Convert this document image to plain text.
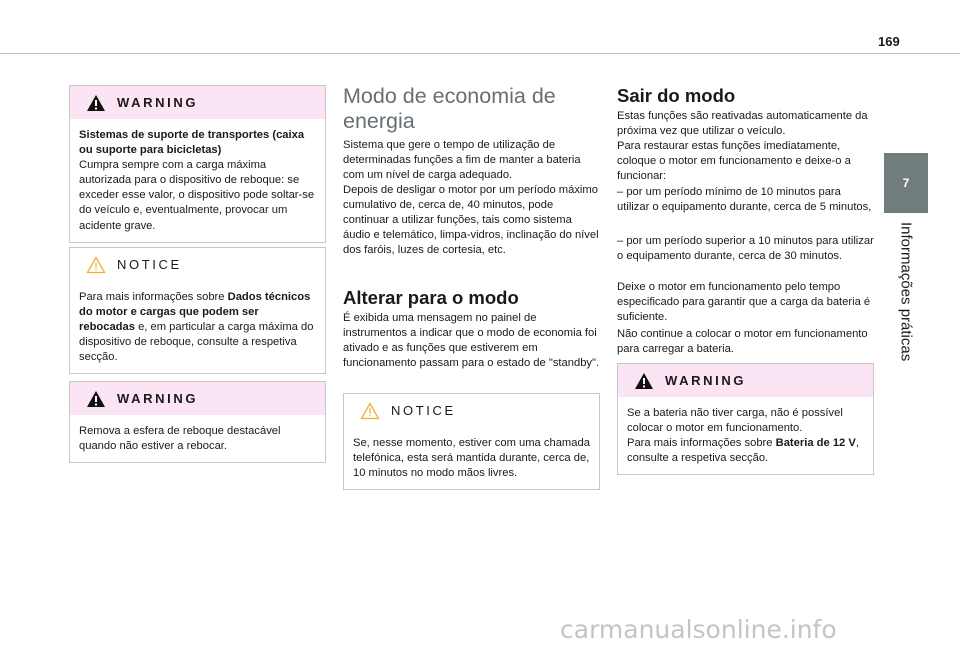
169
7
Informações práticas
WARNING

Sistemas de suporte de transportes (caixa ou suporte para bicicletas)

Cumpra sempre com a carga máxima autorizada para o dispositivo de reboque: se exceder esse valor, o dispositivo pode soltar-se do veículo e, eventualmente, provocar um acidente grave.

NOTICE

Para mais informações sobre Dados técnicos do motor e cargas que podem ser rebocadas e, em particular a carga máxima do dispositivo de reboque, consulte a respetiva secção.

WARNING

Remova a esfera de reboque destacável quando não estiver a rebocar.

Modo de economia de energia
Sistema que gere o tempo de utilização de determinadas funções a fim de manter a bateria com um nível de carga adequado.
Depois de desligar o motor por um período máximo cumulativo de, cerca de, 40 minutos, pode continuar a utilizar funções, tais como sistema áudio e telemático, limpa-vidros, inclinação do nível dos faróis, luzes de cortesia, etc.
Alterar para o modo
É exibida uma mensagem no painel de instrumentos a indicar que o modo de economia foi ativado e as funções que estiverem em funcionamento passam para o estado de "standby".
NOTICE

Se, nesse momento, estiver com uma chamada telefónica, esta será mantida durante, cerca de, 10 minutos no modo mãos livres.

Sair do modo
Estas funções são reativadas automaticamente da próxima vez que utilizar o veículo.
Para restaurar estas funções imediatamente, coloque o motor em funcionamento e deixe-o a funcionar:
– por um período mínimo de 10 minutos para utilizar o equipamento durante, cerca de 5 minutos,
– por um período superior a 10 minutos para utilizar o equipamento durante, cerca de 30 minutos.
Deixe o motor em funcionamento pelo tempo especificado para garantir que a carga da bateria é suficiente.
Não continue a colocar o motor em funcionamento para carregar a bateria.
WARNING

Se a bateria não tiver carga, não é possível colocar o motor em funcionamento.

Para mais informações sobre Bateria de 12 V, consulte a respetiva secção.

carmanualsonline.info
